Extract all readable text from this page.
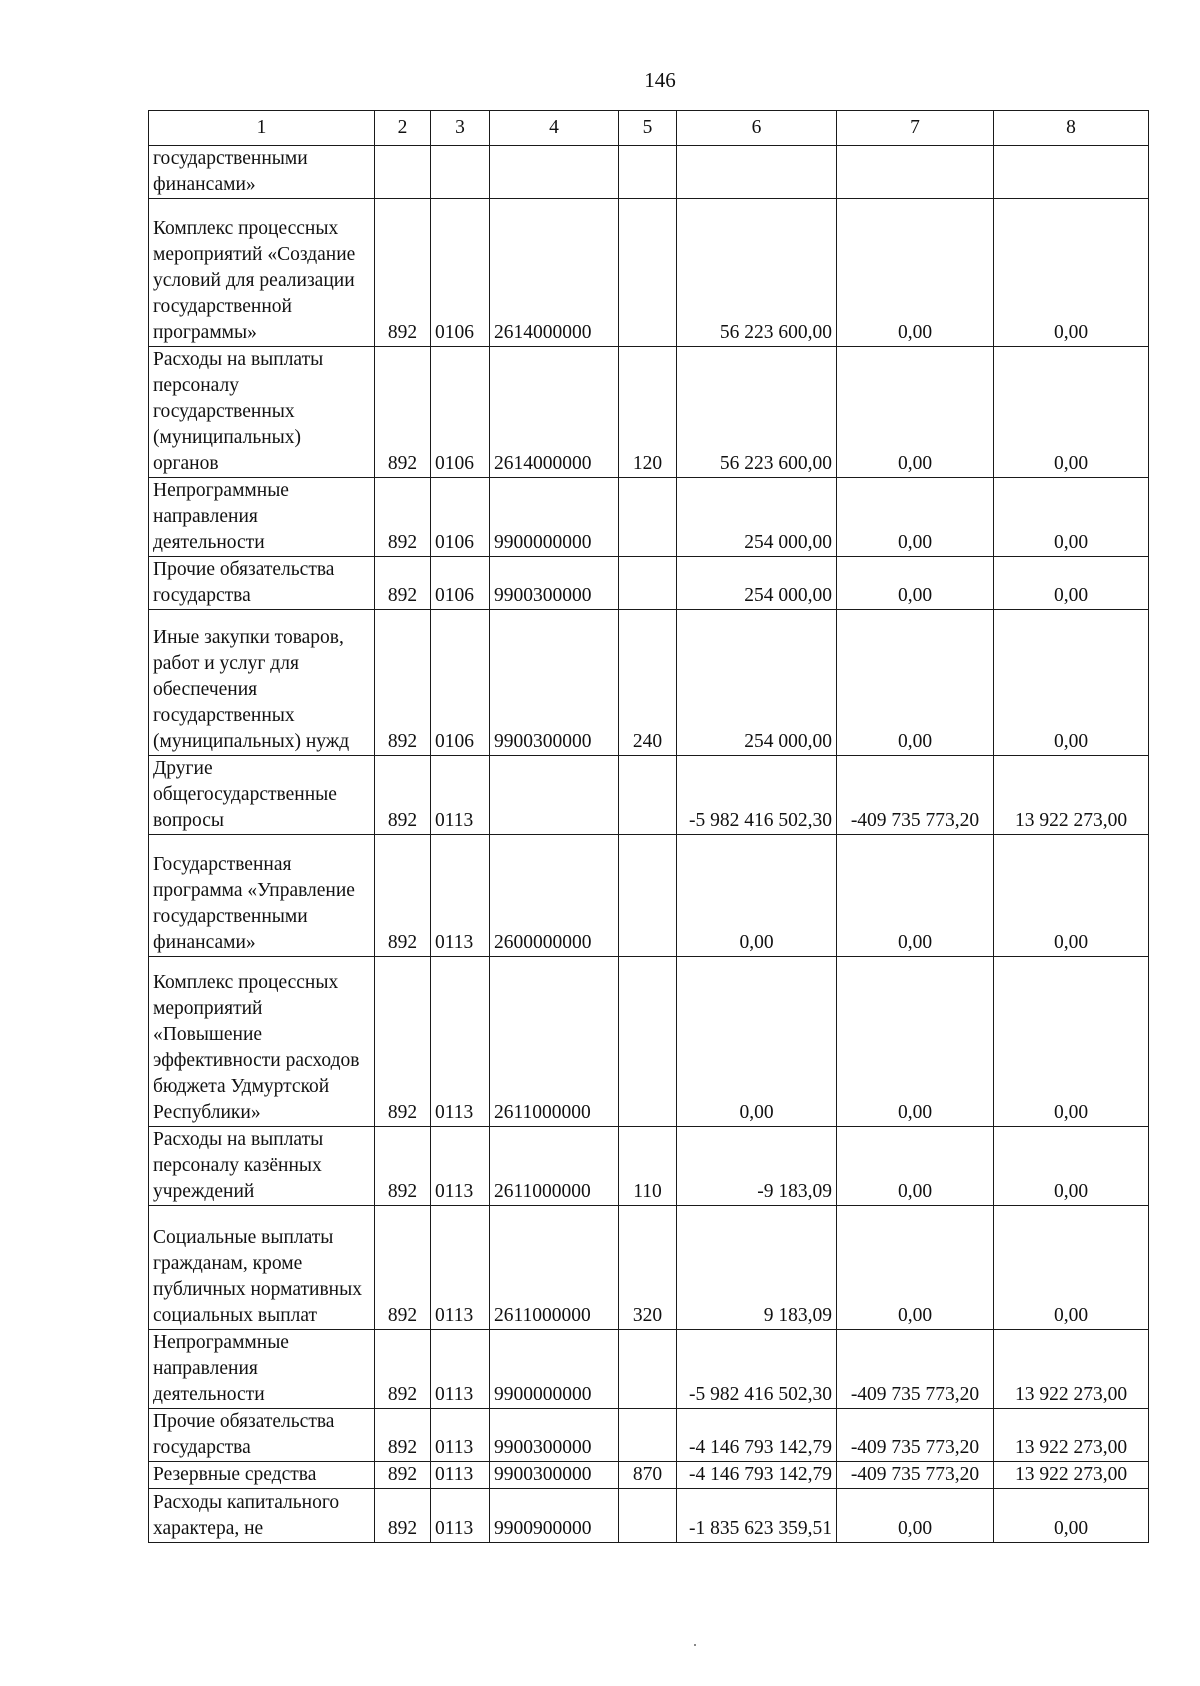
146
1	2	3	4	5	6	7	8
государственными финансами»							
Комплекс процессных мероприятий «Создание условий для реализации государственной программы»	892	0106	2614000000		56 223 600,00	0,00	0,00
Расходы на выплаты персоналу государственных (муниципальных) органов	892	0106	2614000000	120	56 223 600,00	0,00	0,00
Непрограммные направления деятельности	892	0106	9900000000		254 000,00	0,00	0,00
Прочие обязательства государства	892	0106	9900300000		254 000,00	0,00	0,00
Иные закупки товаров, работ и услуг для обеспечения государственных (муниципальных) нужд	892	0106	9900300000	240	254 000,00	0,00	0,00
Другие общегосударственные вопросы	892	0113			-5 982 416 502,30	-409 735 773,20	13 922 273,00
Государственная программа «Управление государственными финансами»	892	0113	2600000000		0,00	0,00	0,00
Комплекс процессных мероприятий «Повышение эффективности расходов бюджета Удмуртской Республики»	892	0113	2611000000		0,00	0,00	0,00
Расходы на выплаты персоналу казённых учреждений	892	0113	2611000000	110	-9 183,09	0,00	0,00
Социальные выплаты гражданам, кроме публичных нормативных социальных выплат	892	0113	2611000000	320	9 183,09	0,00	0,00
Непрограммные направления деятельности	892	0113	9900000000		-5 982 416 502,30	-409 735 773,20	13 922 273,00
Прочие обязательства государства	892	0113	9900300000		-4 146 793 142,79	-409 735 773,20	13 922 273,00
Резервные средства	892	0113	9900300000	870	-4 146 793 142,79	-409 735 773,20	13 922 273,00
Расходы капитального характера, не	892	0113	9900900000		-1 835 623 359,51	0,00	0,00
